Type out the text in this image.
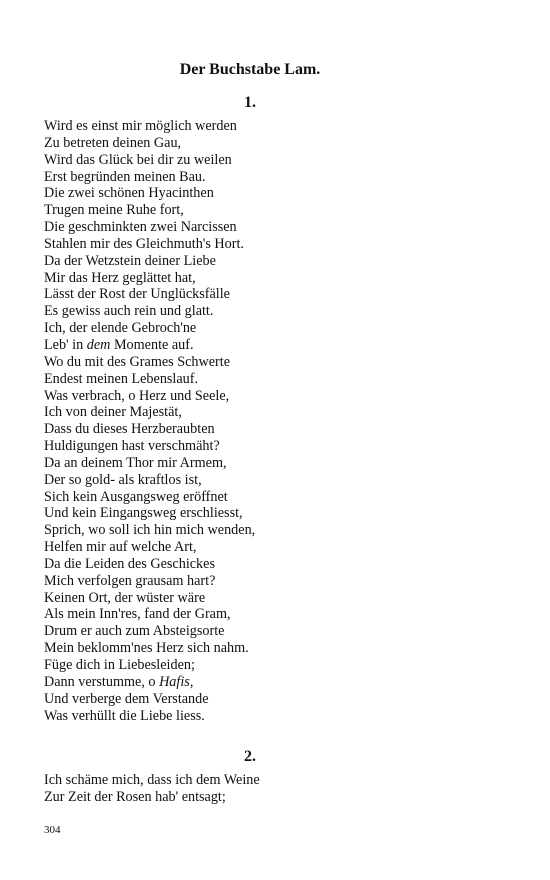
Der Buchstabe Lam.
1.
Wird es einst mir möglich werden
Zu betreten deinen Gau,
Wird das Glück bei dir zu weilen
Erst begründen meinen Bau.
Die zwei schönen Hyacinthen
Trugen meine Ruhe fort,
Die geschminkten zwei Narcissen
Stahlen mir des Gleichmuth's Hort.
Da der Wetzstein deiner Liebe
Mir das Herz geglättet hat,
Lässt der Rost der Unglücksfälle
Es gewiss auch rein und glatt.
Ich, der elende Gebroch'ne
Leb' in dem Momente auf.
Wo du mit des Grames Schwerte
Endest meinen Lebenslauf.
Was verbrach, o Herz und Seele,
Ich von deiner Majestät,
Dass du dieses Herzberaubten
Huldigungen hast verschmäht?
Da an deinem Thor mir Armem,
Der so gold- als kraftlos ist,
Sich kein Ausgangsweg eröffnet
Und kein Eingangsweg erschliesst,
Sprich, wo soll ich hin mich wenden,
Helfen mir auf welche Art,
Da die Leiden des Geschickes
Mich verfolgen grausam hart?
Keinen Ort, der wüster wäre
Als mein Inn'res, fand der Gram,
Drum er auch zum Absteigsorte
Mein beklomm'nes Herz sich nahm.
Füge dich in Liebesleiden;
Dann verstumme, o Hafis,
Und verberge dem Verstande
Was verhüllt die Liebe liess.
2.
Ich schäme mich, dass ich dem Weine
Zur Zeit der Rosen hab' entsagt;
304
